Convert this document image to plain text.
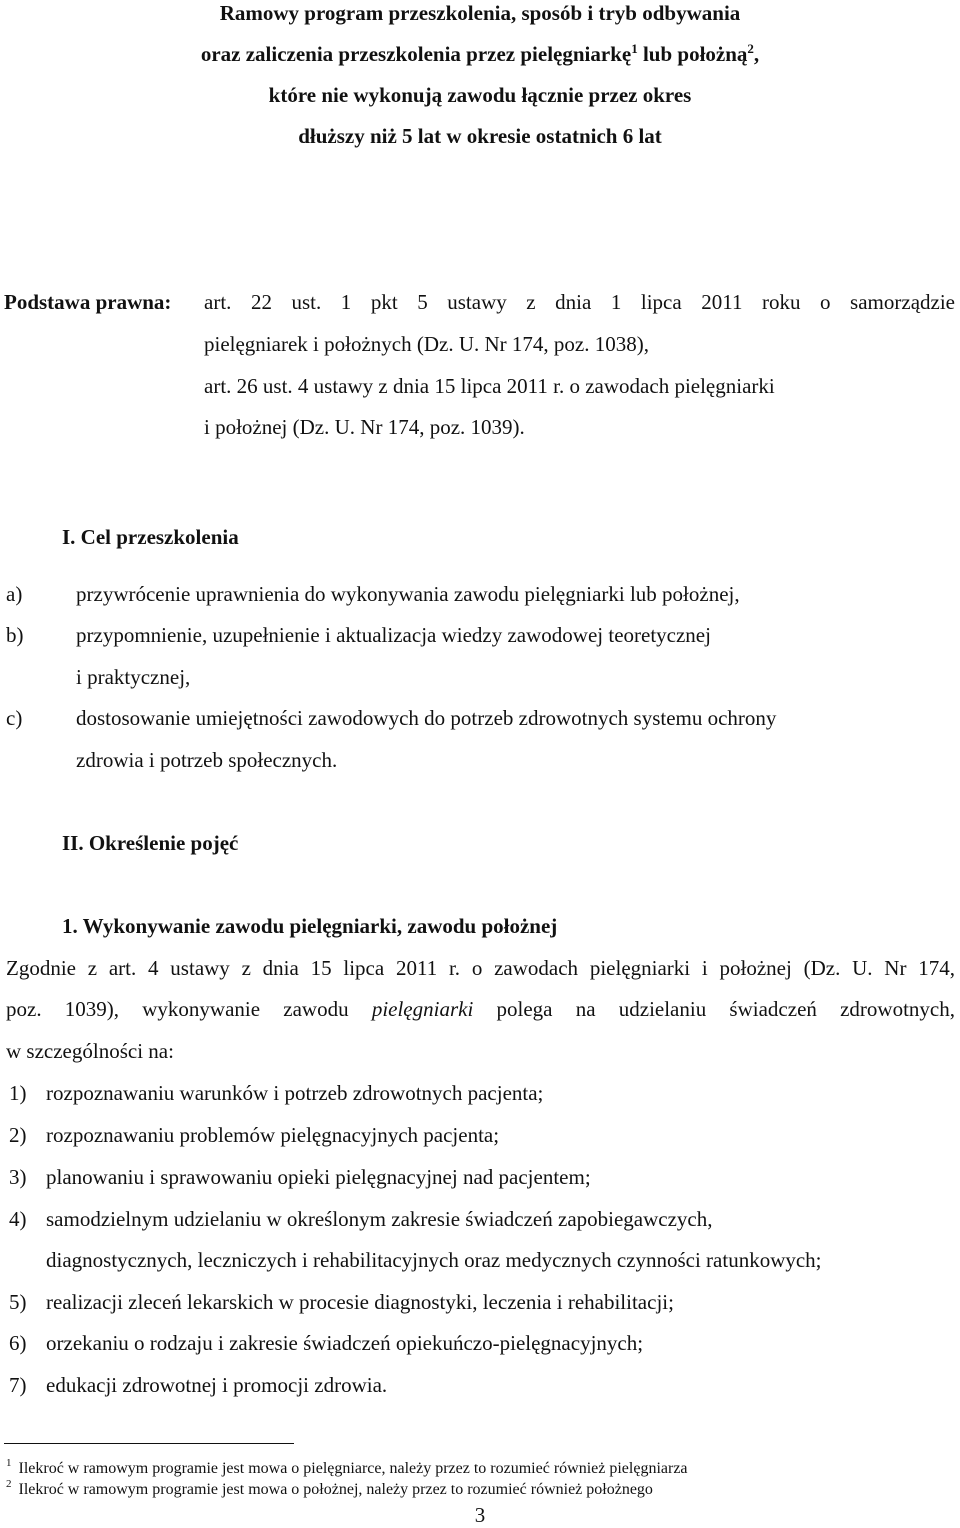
Ramowy program przeszkolenia, sposób i tryb odbywania
oraz zaliczenia przeszkolenia przez pielęgniarkę$^1$ lub położną$^2$,
które nie wykonują zawodu łącznie przez okres
dłuższy niż 5 lat w okresie ostatnich 6 lat
Podstawa prawna: art. 22 ust. 1 pkt 5 ustawy z dnia 1 lipca 2011 roku o samorządzie
pielęgniarek i położnych (Dz. U. Nr 174, poz. 1038),
art. 26 ust. 4 ustawy z dnia 15 lipca 2011 r. o zawodach pielęgniarki
i położnej (Dz. U. Nr 174, poz. 1039).
I. Cel przeszkolenia
a)	przywrócenie uprawnienia do wykonywania zawodu pielęgniarki lub położnej,
b)	przypomnienie, uzupełnienie i aktualizacja wiedzy zawodowej teoretycznej
i praktycznej,
c)	dostosowanie umiejętności zawodowych do potrzeb zdrowotnych systemu ochrony
zdrowia i potrzeb społecznych.
II. Określenie pojęć
1. Wykonywanie zawodu pielęgniarki, zawodu położnej
Zgodnie z art. 4 ustawy z dnia 15 lipca 2011 r. o zawodach pielęgniarki i położnej (Dz. U. Nr 174,
poz. 1039), wykonywanie zawodu pielęgniarki polega na udzielaniu świadczeń zdrowotnych,
w szczególności na:
1) rozpoznawaniu warunków i potrzeb zdrowotnych pacjenta;
2) rozpoznawaniu problemów pielęgnacyjnych pacjenta;
3) planowaniu i sprawowaniu opieki pielęgnacyjnej nad pacjentem;
4) samodzielnym udzielaniu w określonym zakresie świadczeń zapobiegawczych,
diagnostycznych, leczniczych i rehabilitacyjnych oraz medycznych czynności ratunkowych;
5) realizacji zleceń lekarskich w procesie diagnostyki, leczenia i rehabilitacji;
6) orzekaniu o rodzaju i zakresie świadczeń opiekuńczo-pielęgnacyjnych;
7) edukacji zdrowotnej i promocji zdrowia.
$^1$ Ilekroć w ramowym programie jest mowa o pielęgniarce, należy przez to rozumieć również pielęgniarza
$^2$ Ilekroć w ramowym programie jest mowa o położnej, należy przez to rozumieć również położnego
3
